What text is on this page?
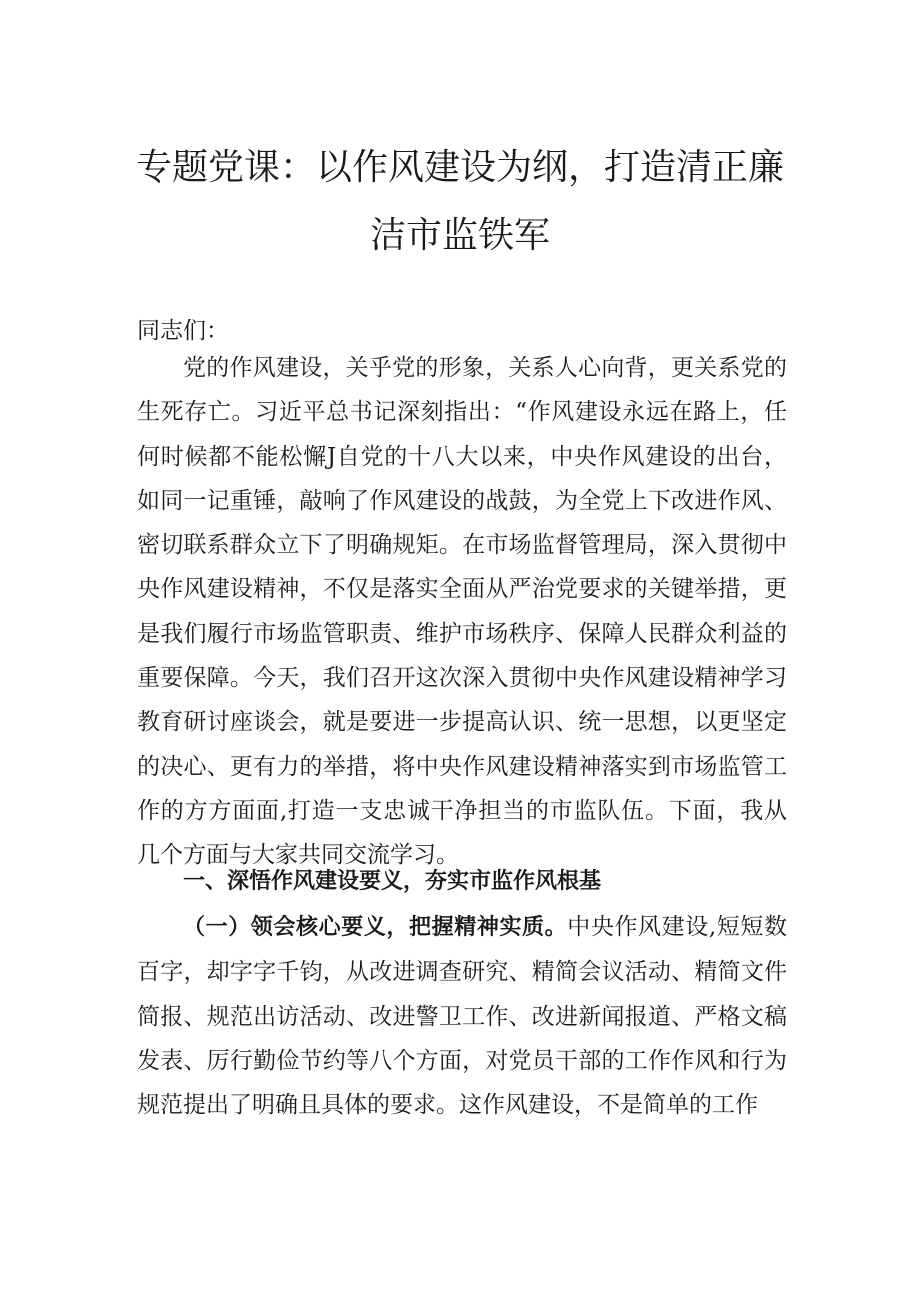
专题党课：以作风建设为纲，打造清正廉
洁市监铁军
同志们：
党的作风建设，关乎党的形象，关系人心向背，更关系党的生死存亡。习近平总书记深刻指出：“作风建设永远在路上，任何时候都不能松懈J自党的十八大以来，中央作风建设的出台，如同一记重锤，敲响了作风建设的战鼓，为全党上下改进作风、密切联系群众立下了明确规矩。在市场监督管理局，深入贯彻中央作风建设精神，不仅是落实全面从严治党要求的关键举措，更是我们履行市场监管职责、维护市场秩序、保障人民群众利益的重要保障。今天，我们召开这次深入贯彻中央作风建设精神学习教育研讨座谈会，就是要进一步提高认识、统一思想，以更坚定的决心、更有力的举措，将中央作风建设精神落实到市场监管工作的方方面面,打造一支忠诚干净担当的市监队伍。下面，我从几个方面与大家共同交流学习。
一、深悟作风建设要义，夯实市监作风根基
（一）领会核心要义，把握精神实质。中央作风建设,短短数百字，却字字千钧，从改进调查研究、精简会议活动、精简文件简报、规范出访活动、改进警卫工作、改进新闻报道、严格文稿发表、厉行勤俭节约等八个方面，对党员干部的工作作风和行为规范提出了明确且具体的要求。这作风建设，不是简单的工作
